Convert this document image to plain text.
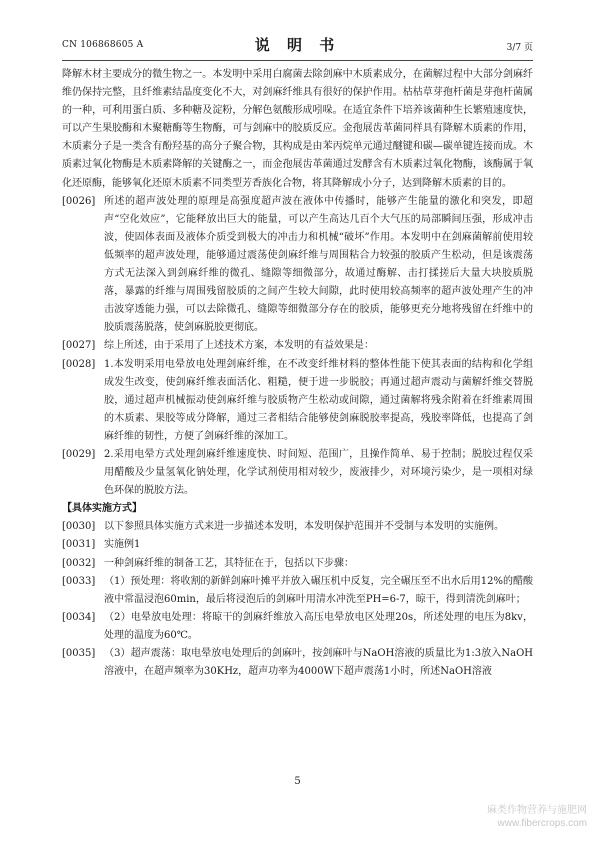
CN 106868605 A	说 明 书	3/7 页

降解木材主要成分的微生物之一。本发明中采用白腐菌去除剑麻中木质素成分，在菌解过程中大部分剑麻纤维仍保持完整，且纤维素结晶度变化不大，对剑麻纤维具有很好的保护作用。枯枯草芽孢杆菌是芽孢杆菌属的一种，可利用蛋白质、多种糖及淀粉，分解色氨酸形成吲哚。在适宜条件下培养该菌种生长繁殖速度快，可以产生果胶酶和木聚糖酶等生物酶，可与剑麻中的胶质反应。金孢展齿革菌同样具有降解木质素的作用，木质素分子是一类含有酚羟基的高分子聚合物，其构成是由苯丙烷单元通过醚键和碳—碳单键连接而成。木质素过氧化物酶是木质素降解的关键酶之一，而金孢展齿革菌通过发酵含有木质素过氧化物酶，该酶属于氧化还原酶，能够氧化还原木质素不同类型芳香族化合物，将其降解成小分子，达到降解木质素的目的。

[0026] 所述的超声波处理的原理是高强度超声波在液体中传播时，能够产生能量的激化和突发，即超声“空化效应”，它能释放出巨大的能量，可以产生高达几百个大气压的局部瞬间压强，形成冲击波，使固体表面及液体介质受到极大的冲击力和机械“破坏”作用。本发明中在剑麻菌解前使用较低频率的超声波处理，能够通过震荡使剑麻纤维与周围粘合力较强的胶质产生松动，但是该震荡方式无法深入到剑麻纤维的微孔、缝隙等细微部分，故通过酶解、击打揉搓后大量大块胶质脱落，暴露的纤维与周围残留胶质的之间产生较大间隙，此时使用较高频率的超声波处理产生的冲击波穿透能力强，可以去除微孔、缝隙等细微部分存在的胶质，能够更充分地将残留在纤维中的胶质震荡脱落，使剑麻脱胶更彻底。
[0027] 综上所述，由于采用了上述技术方案，本发明的有益效果是：
[0028] 1.本发明采用电晕放电处理剑麻纤维，在不改变纤维材料的整体性能下使其表面的结构和化学组成发生改变，使剑麻纤维表面活化、粗糙，便于进一步脱胶；再通过超声震动与菌解纤维交替脱胶，通过超声机械振动使剑麻纤维与胶质物产生松动或间隙，通过菌解将残余附着在纤维素周围的木质素、果胶等成分降解，通过三者相结合能够使剑麻脱胶率提高，残胶率降低，也提高了剑麻纤维的韧性，方便了剑麻纤维的深加工。
[0029] 2.采用电晕方式处理剑麻纤维速度快、时间短、范围广，且操作简单、易于控制；脱胶过程仅采用醋酸及少量氢氧化钠处理，化学试剂使用相对较少，废液排少，对环境污染少，是一项相对绿色环保的脱胶方法。

【具体实施方式】

[0030] 以下参照具体实施方式来进一步描述本发明，本发明保护范围并不受制与本发明的实施例。
[0031] 实施例1
[0032] 一种剑麻纤维的制备工艺，其特征在于，包括以下步骤：
[0033] （1）预处理：将收割的新鲜剑麻叶摊平并放入碾压机中反复，完全碾压至不出水后用12%的醋酸液中常温浸泡60min，最后将浸泡后的剑麻叶用清水冲洗至PH=6-7，晾干，得到清洗剑麻叶；
[0034] （2）电晕放电处理：将晾干的剑麻纤维放入高压电晕放电区处理20s，所述处理的电压为8kv，处理的温度为60℃。
[0035] （3）超声震荡：取电晕放电处理后的剑麻叶，按剑麻叶与NaOH溶液的质量比为1:3放入NaOH溶液中，在超声频率为30KHz，超声功率为4000W下超声震荡1小时，所述NaOH溶液
5
麻类作物营养与施肥网
www.fibercrops.com
